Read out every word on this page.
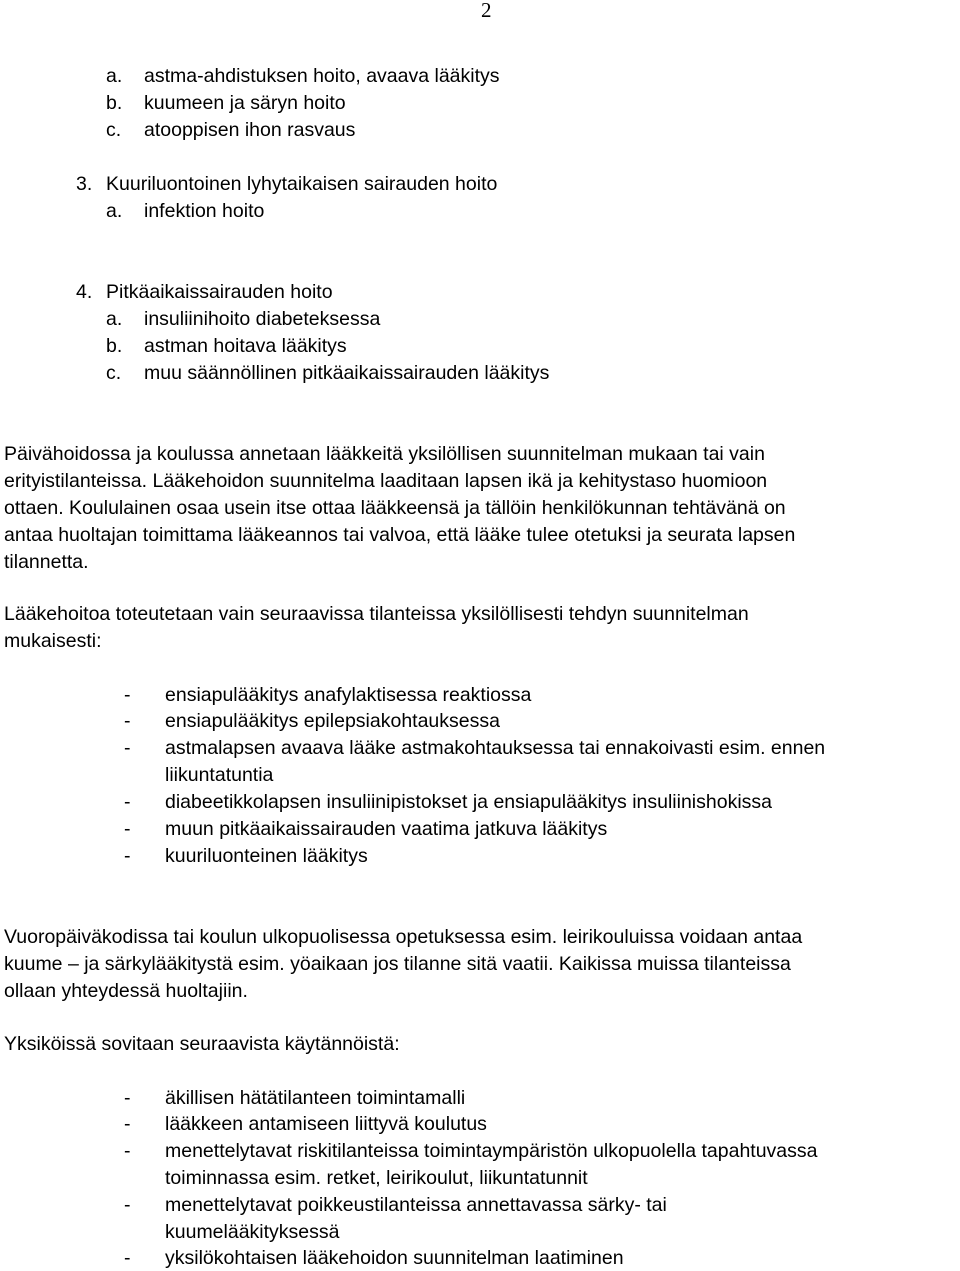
2
a. astma-ahdistuksen hoito, avaava lääkitys
b. kuumeen ja säryn hoito
c. atooppisen ihon rasvaus
3. Kuuriluontoinen lyhytaikaisen sairauden hoito
a. infektion hoito
4. Pitkäaikaissairauden hoito
a. insuliinihoito diabeteksessa
b. astman hoitava lääkitys
c. muu säännöllinen pitkäaikaissairauden lääkitys
Päivähoidossa ja koulussa annetaan lääkkeitä yksilöllisen suunnitelman mukaan tai vain
erityistilanteissa. Lääkehoidon suunnitelma laaditaan lapsen ikä ja kehitystaso huomioon
ottaen. Koululainen osaa usein itse ottaa lääkkeensä ja tällöin henkilökunnan tehtävänä on
antaa huoltajan toimittama lääkeannos tai valvoa, että lääke tulee otetuksi ja seurata lapsen
tilannetta.
Lääkehoitoa toteutetaan vain seuraavissa tilanteissa yksilöllisesti tehdyn suunnitelman
mukaisesti:
- ensiapulääkitys anafylaktisessa reaktiossa
- ensiapulääkitys epilepsiakohtauksessa
- astmalapsen avaava lääke astmakohtauksessa tai ennakoivasti esim. ennen
liikuntatuntia
- diabeetikkolapsen insuliinipistokset ja ensiapulääkitys insuliinishokissa
- muun pitkäaikaissairauden vaatima jatkuva lääkitys
- kuuriluonteinen lääkitys
Vuoropäiväkodissa tai koulun ulkopuolisessa opetuksessa esim. leirikouluissa voidaan antaa
kuume – ja särkylääkitystä esim. yöaikaan jos tilanne sitä vaatii. Kaikissa muissa tilanteissa
ollaan yhteydessä huoltajiin.
Yksiköissä sovitaan seuraavista käytännöistä:
- äkillisen hätätilanteen toimintamalli
- lääkkeen antamiseen liittyvä koulutus
- menettelytavat riskitilanteissa toimintaympäristön ulkopuolella tapahtuvassa
toiminnassa esim. retket, leirikoulut, liikuntatunnit
- menettelytavat poikkeustilanteissa annettavassa särky- tai
kuumelääkityksessä
- yksilökohtaisen lääkehoidon suunnitelman laatiminen
